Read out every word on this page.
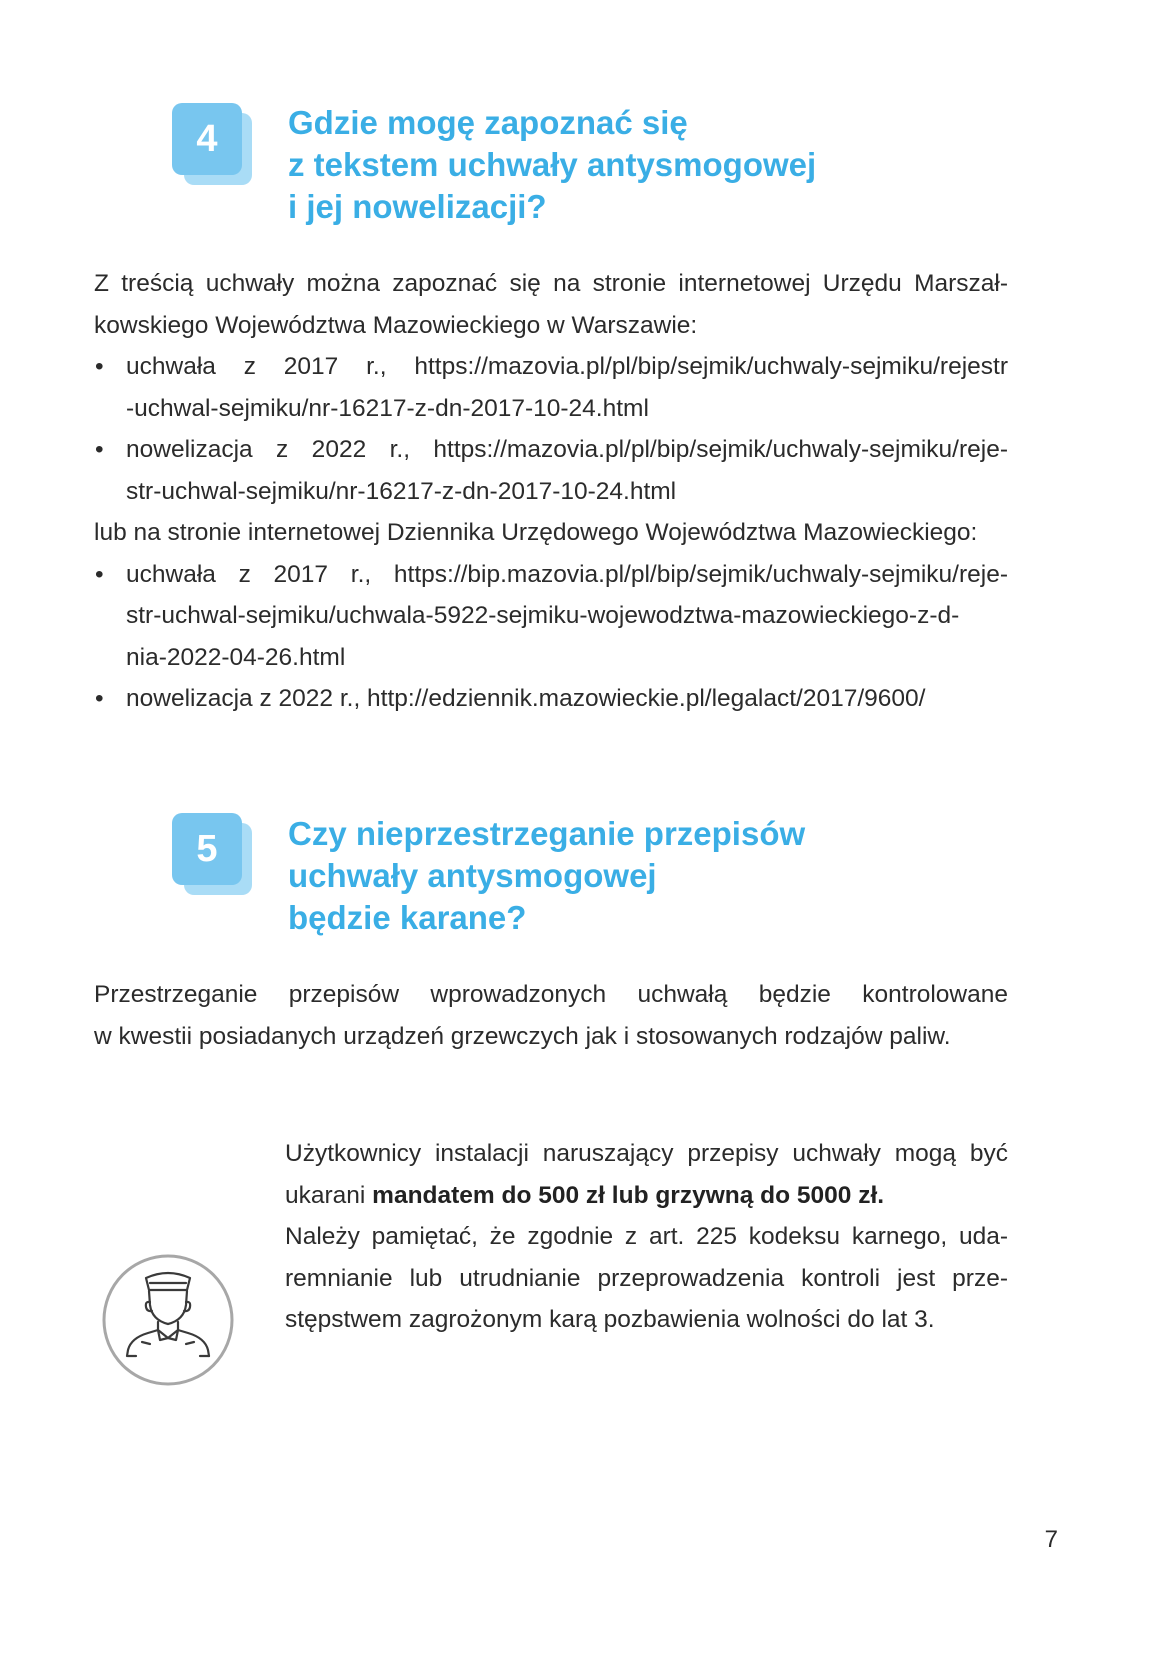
4	Gdzie mogę zapoznać się
z tekstem uchwały antysmogowej
i jej nowelizacji?

Z treścią uchwały można zapoznać się na stronie internetowej Urzędu Marszał-
kowskiego Województwa Mazowieckiego w Warszawie:

• uchwała z 2017 r., https://mazovia.pl/pl/bip/sejmik/uchwaly-sejmiku/rejestr
-uchwal-sejmiku/nr-16217-z-dn-2017-10-24.html
• nowelizacja z 2022 r., https://mazovia.pl/pl/bip/sejmik/uchwaly-sejmiku/reje-
str-uchwal-sejmiku/nr-16217-z-dn-2017-10-24.html

lub na stronie internetowej Dziennika Urzędowego Województwa Mazowieckiego:

• uchwała z 2017 r., https://bip.mazovia.pl/pl/bip/sejmik/uchwaly-sejmiku/reje-
str-uchwal-sejmiku/uchwala-5922-sejmiku-wojewodztwa-mazowieckiego-z-d-
nia-2022-04-26.html
• nowelizacja z 2022 r., http://edziennik.mazowieckie.pl/legalact/2017/9600/
5	Czy nieprzestrzeganie przepisów
uchwały antysmogowej
będzie karane?
Przestrzeganie przepisów wprowadzonych uchwałą będzie kontrolowane
w kwestii posiadanych urządzeń grzewczych jak i stosowanych rodzajów paliw.
Użytkownicy instalacji naruszający przepisy uchwały mogą być
ukarani mandatem do 500 zł lub grzywną do 5000 zł.
Należy pamiętać, że zgodnie z art. 225 kodeksu karnego, uda-
remnianie lub utrudnianie przeprowadzenia kontroli jest prze-
stępstwem zagrożonym karą pozbawienia wolności do lat 3.
7
